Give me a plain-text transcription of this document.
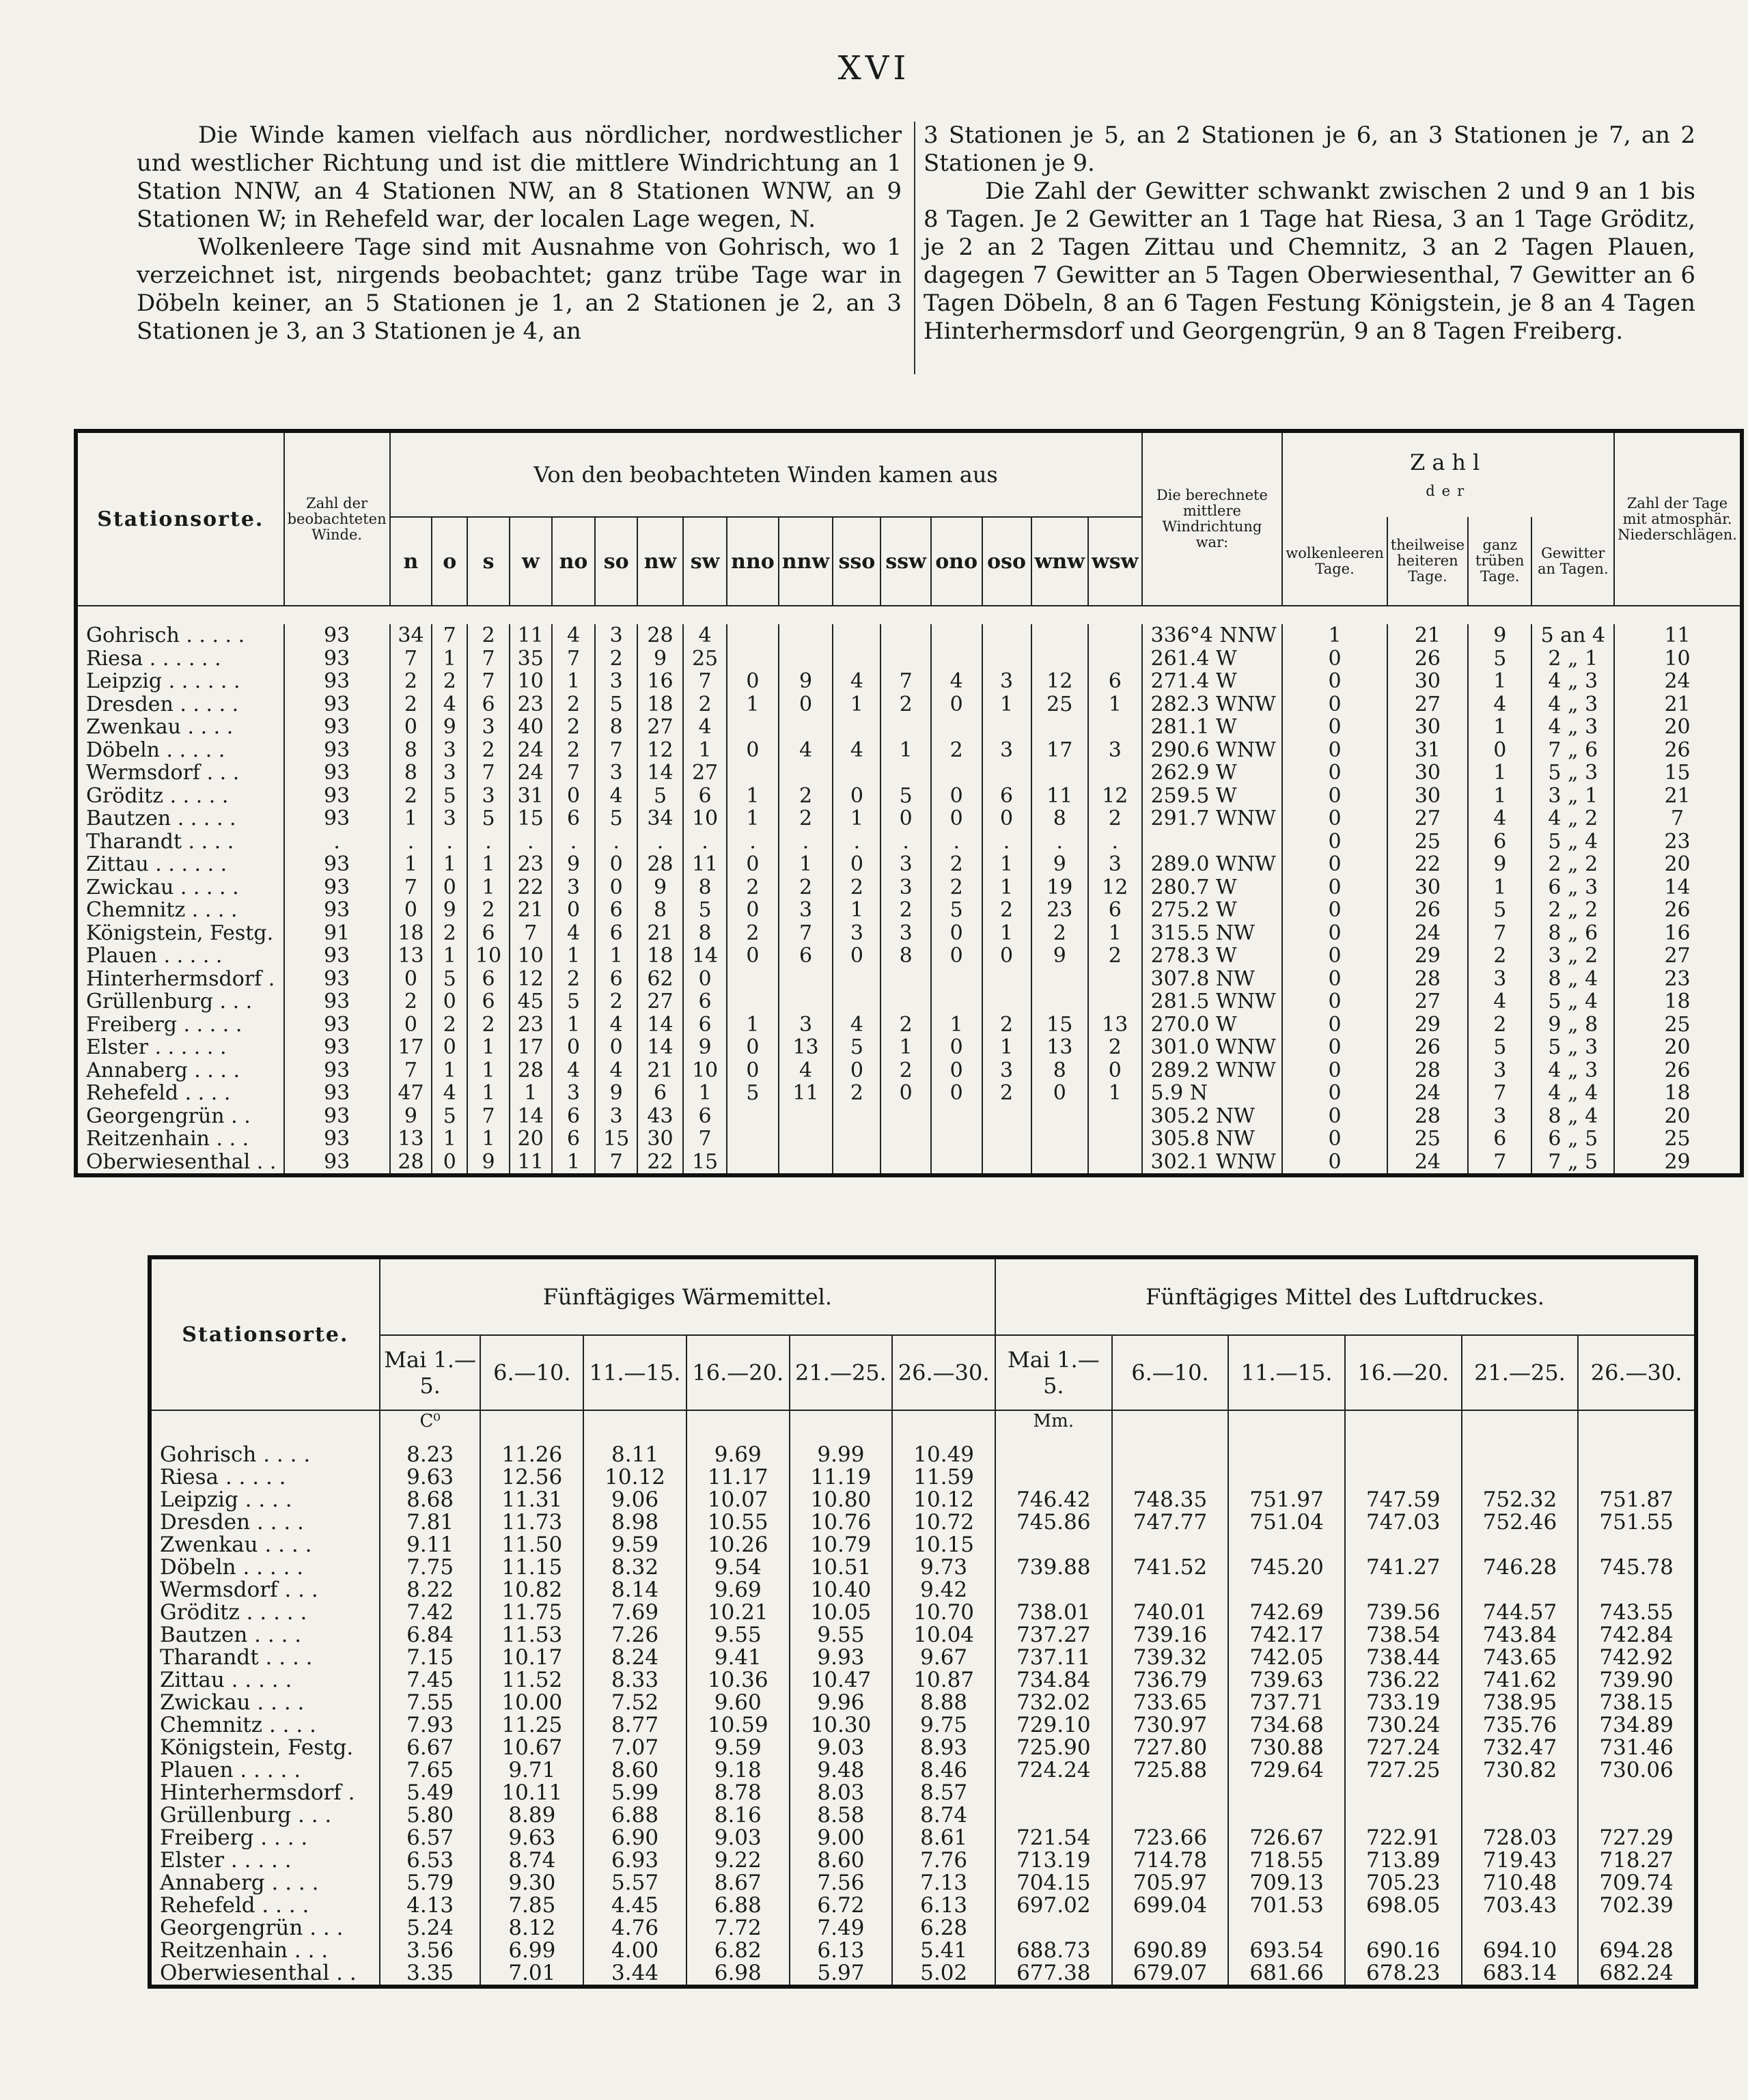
XVI

Die Winde kamen vielfach aus nördlicher, nordwestlicher und westlicher Richtung und ist die mittlere Windrichtung an 1 Station NNW, an 4 Stationen NW, an 8 Stationen WNW, an 9 Stationen W; in Rehefeld war, der localen Lage wegen, N.

Wolkenleere Tage sind mit Ausnahme von Gohrisch, wo 1 verzeichnet ist, nirgends beobachtet; ganz trübe Tage war in Döbeln keiner, an 5 Stationen je 1, an 2 Stationen je 2, an 3 Stationen je 3, an 3 Stationen je 4, an

3 Stationen je 5, an 2 Stationen je 6, an 3 Stationen je 7, an 2 Stationen je 9.

Die Zahl der Gewitter schwankt zwischen 2 und 9 an 1 bis 8 Tagen. Je 2 Gewitter an 1 Tage hat Riesa, 3 an 1 Tage Gröditz, je 2 an 2 Tagen Zittau und Chemnitz, 3 an 2 Tagen Plauen, dagegen 7 Gewitter an 5 Tagen Oberwiesenthal, 7 Gewitter an 6 Tagen Döbeln, 8 an 6 Tagen Festung Königstein, je 8 an 4 Tagen Hinterhermsdorf und Georgengrün, 9 an 8 Tagen Freiberg.

Stationsorte.	Zahl der beobachteten Winde.	Von den beobachteten Winden kamen aus																Die berechnete mittlere Windrichtung war:	Zahl
der				Zahl der Tage mit atmosphär. Niederschlägen.
		n	o	s	w	no	so	nw	sw	nno	nnw	sso	ssw	ono	oso	wnw	wsw		wolkenleeren Tage.	theilweise heiteren Tage.	ganz trüben Tage.	Gewitter an Tagen.	

Gohrisch . . . . .	93	34	7	2	11	4	3	28	4									336°4 NNW	1	21	9	5 an 4	11
Riesa . . . . . .	93	7	1	7	35	7	2	9	25									261.4 W	0	26	5	2 „ 1	10
Leipzig . . . . . .	93	2	2	7	10	1	3	16	7	0	9	4	7	4	3	12	6	271.4 W	0	30	1	4 „ 3	24
Dresden . . . . .	93	2	4	6	23	2	5	18	2	1	0	1	2	0	1	25	1	282.3 WNW	0	27	4	4 „ 3	21
Zwenkau . . . .	93	0	9	3	40	2	8	27	4									281.1 W	0	30	1	4 „ 3	20
Döbeln . . . . .	93	8	3	2	24	2	7	12	1	0	4	4	1	2	3	17	3	290.6 WNW	0	31	0	7 „ 6	26
Wermsdorf . . .	93	8	3	7	24	7	3	14	27									262.9 W	0	30	1	5 „ 3	15
Gröditz . . . . .	93	2	5	3	31	0	4	5	6	1	2	0	5	0	6	11	12	259.5 W	0	30	1	3 „ 1	21
Bautzen . . . . .	93	1	3	5	15	6	5	34	10	1	2	1	0	0	0	8	2	291.7 WNW	0	27	4	4 „ 2	7
Tharandt . . . .	.	.	.	.	.	.	.	.	.	.	.	.	.	.	.	.	.		0	25	6	5 „ 4	23
Zittau . . . . . .	93	1	1	1	23	9	0	28	11	0	1	0	3	2	1	9	3	289.0 WNW	0	22	9	2 „ 2	20
Zwickau . . . . .	93	7	0	1	22	3	0	9	8	2	2	2	3	2	1	19	12	280.7 W	0	30	1	6 „ 3	14
Chemnitz . . . .	93	0	9	2	21	0	6	8	5	0	3	1	2	5	2	23	6	275.2 W	0	26	5	2 „ 2	26
Königstein, Festg.	91	18	2	6	7	4	6	21	8	2	7	3	3	0	1	2	1	315.5 NW	0	24	7	8 „ 6	16
Plauen . . . . .	93	13	1	10	10	1	1	18	14	0	6	0	8	0	0	9	2	278.3 W	0	29	2	3 „ 2	27
Hinterhermsdorf .	93	0	5	6	12	2	6	62	0									307.8 NW	0	28	3	8 „ 4	23
Grüllenburg . . .	93	2	0	6	45	5	2	27	6									281.5 WNW	0	27	4	5 „ 4	18
Freiberg . . . . .	93	0	2	2	23	1	4	14	6	1	3	4	2	1	2	15	13	270.0 W	0	29	2	9 „ 8	25
Elster . . . . . .	93	17	0	1	17	0	0	14	9	0	13	5	1	0	1	13	2	301.0 WNW	0	26	5	5 „ 3	20
Annaberg . . . .	93	7	1	1	28	4	4	21	10	0	4	0	2	0	3	8	0	289.2 WNW	0	28	3	4 „ 3	26
Rehefeld . . . .	93	47	4	1	1	3	9	6	1	5	11	2	0	0	2	0	1	5.9 N	0	24	7	4 „ 4	18
Georgengrün . .	93	9	5	7	14	6	3	43	6									305.2 NW	0	28	3	8 „ 4	20
Reitzenhain . . .	93	13	1	1	20	6	15	30	7									305.8 NW	0	25	6	6 „ 5	25
Oberwiesenthal . .	93	28	0	9	11	1	7	22	15									302.1 WNW	0	24	7	7 „ 5	29
Stationsorte.	Fünftägiges Wärmemittel.						Fünftägiges Mittel des Luftdruckes.					
	Mai 1.—5.	6.—10.	11.—15.	16.—20.	21.—25.	26.—30.	Mai 1.—5.	6.—10.	11.—15.	16.—20.	21.—25.	26.—30.
	C⁰						Mm.					
Gohrisch . . . .	8.23	11.26	8.11	9.69	9.99	10.49						
Riesa . . . . .	9.63	12.56	10.12	11.17	11.19	11.59						
Leipzig . . . .	8.68	11.31	9.06	10.07	10.80	10.12	746.42	748.35	751.97	747.59	752.32	751.87
Dresden . . . .	7.81	11.73	8.98	10.55	10.76	10.72	745.86	747.77	751.04	747.03	752.46	751.55
Zwenkau . . . .	9.11	11.50	9.59	10.26	10.79	10.15						
Döbeln . . . . .	7.75	11.15	8.32	9.54	10.51	9.73	739.88	741.52	745.20	741.27	746.28	745.78
Wermsdorf . . .	8.22	10.82	8.14	9.69	10.40	9.42						
Gröditz . . . . .	7.42	11.75	7.69	10.21	10.05	10.70	738.01	740.01	742.69	739.56	744.57	743.55
Bautzen . . . .	6.84	11.53	7.26	9.55	9.55	10.04	737.27	739.16	742.17	738.54	743.84	742.84
Tharandt . . . .	7.15	10.17	8.24	9.41	9.93	9.67	737.11	739.32	742.05	738.44	743.65	742.92
Zittau . . . . .	7.45	11.52	8.33	10.36	10.47	10.87	734.84	736.79	739.63	736.22	741.62	739.90
Zwickau . . . .	7.55	10.00	7.52	9.60	9.96	8.88	732.02	733.65	737.71	733.19	738.95	738.15
Chemnitz . . . .	7.93	11.25	8.77	10.59	10.30	9.75	729.10	730.97	734.68	730.24	735.76	734.89
Königstein, Festg.	6.67	10.67	7.07	9.59	9.03	8.93	725.90	727.80	730.88	727.24	732.47	731.46
Plauen . . . . .	7.65	9.71	8.60	9.18	9.48	8.46	724.24	725.88	729.64	727.25	730.82	730.06
Hinterhermsdorf .	5.49	10.11	5.99	8.78	8.03	8.57						
Grüllenburg . . .	5.80	8.89	6.88	8.16	8.58	8.74						
Freiberg . . . .	6.57	9.63	6.90	9.03	9.00	8.61	721.54	723.66	726.67	722.91	728.03	727.29
Elster . . . . .	6.53	8.74	6.93	9.22	8.60	7.76	713.19	714.78	718.55	713.89	719.43	718.27
Annaberg . . . .	5.79	9.30	5.57	8.67	7.56	7.13	704.15	705.97	709.13	705.23	710.48	709.74
Rehefeld . . . .	4.13	7.85	4.45	6.88	6.72	6.13	697.02	699.04	701.53	698.05	703.43	702.39
Georgengrün . . .	5.24	8.12	4.76	7.72	7.49	6.28						
Reitzenhain . . .	3.56	6.99	4.00	6.82	6.13	5.41	688.73	690.89	693.54	690.16	694.10	694.28
Oberwiesenthal . .	3.35	7.01	3.44	6.98	5.97	5.02	677.38	679.07	681.66	678.23	683.14	682.24
